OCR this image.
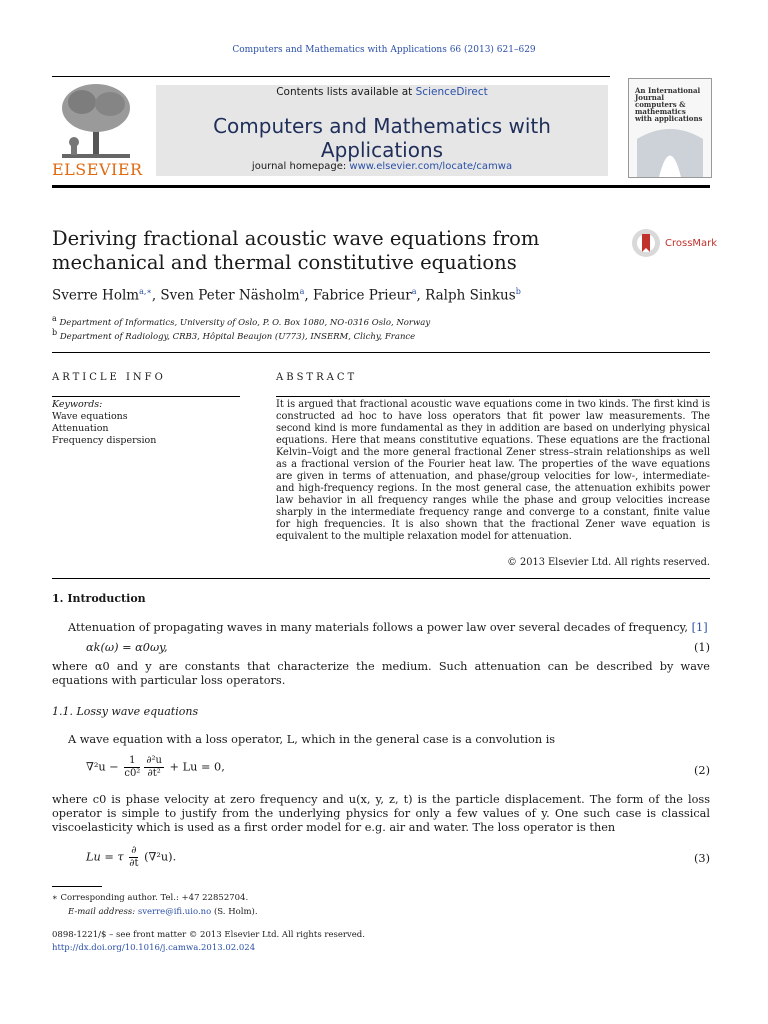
Computers and Mathematics with Applications 66 (2013) 621–629
ELSEVIER
Contents lists available at ScienceDirect
Computers and Mathematics with Applications
journal homepage: www.elsevier.com/locate/camwa
An International Journal computers & mathematics with applications
Deriving fractional acoustic wave equations from mechanical and thermal constitutive equations
CrossMark
Sverre Holm$^{a,∗}$, Sven Peter Näsholm$^a$, Fabrice Prieur$^a$, Ralph Sinkus$^b$
$^a$ Department of Informatics, University of Oslo, P. O. Box 1080, NO-0316 Oslo, Norway
$^b$ Department of Radiology, CRB3, Hôpital Beaujon (U773), INSERM, Clichy, France
ARTICLE INFO
Keywords:
Wave equations
Attenuation
Frequency dispersion
ABSTRACT
It is argued that fractional acoustic wave equations come in two kinds. The first kind is constructed ad hoc to have loss operators that fit power law measurements. The second kind is more fundamental as they in addition are based on underlying physical equations. Here that means constitutive equations. These equations are the fractional Kelvin–Voigt and the more general fractional Zener stress–strain relationships as well as a fractional version of the Fourier heat law. The properties of the wave equations are given in terms of attenuation, and phase/group velocities for low-, intermediate- and high-frequency regions. In the most general case, the attenuation exhibits power law behavior in all frequency ranges while the phase and group velocities increase sharply in the intermediate frequency range and converge to a constant, finite value for high frequencies. It is also shown that the fractional Zener wave equation is equivalent to the multiple relaxation model for attenuation.
© 2013 Elsevier Ltd. All rights reserved.
1. Introduction
Attenuation of propagating waves in many materials follows a power law over several decades of frequency, [1]
αk(ω) = α0ωy,	(1)
where α0 and y are constants that characterize the medium. Such attenuation can be described by wave equations with particular loss operators.
1.1. Lossy wave equations
A wave equation with a loss operator, L, which in the general case is a convolution is
$\nabla^2u - \frac{1}{\text{c0²}} \frac{\text{∂²u}}{\text{∂t²}} + Lu = 0$,	(2)
where c0 is phase velocity at zero frequency and u(x, y, z, t) is the particle displacement. The form of the loss operator is simple to justify from the underlying physics for only a few values of y. One such case is classical viscoelasticity which is used as a first order model for e.g. air and water. The loss operator is then
Lu = τ $\frac{\partial}{\partial t} (\nabla^2u)$.	(3)
∗ Corresponding author. Tel.: +47 22852704.
E-mail address: sverre@ifi.uio.no (S. Holm).
0898-1221/$ – see front matter © 2013 Elsevier Ltd. All rights reserved.
http://dx.doi.org/10.1016/j.camwa.2013.02.024
